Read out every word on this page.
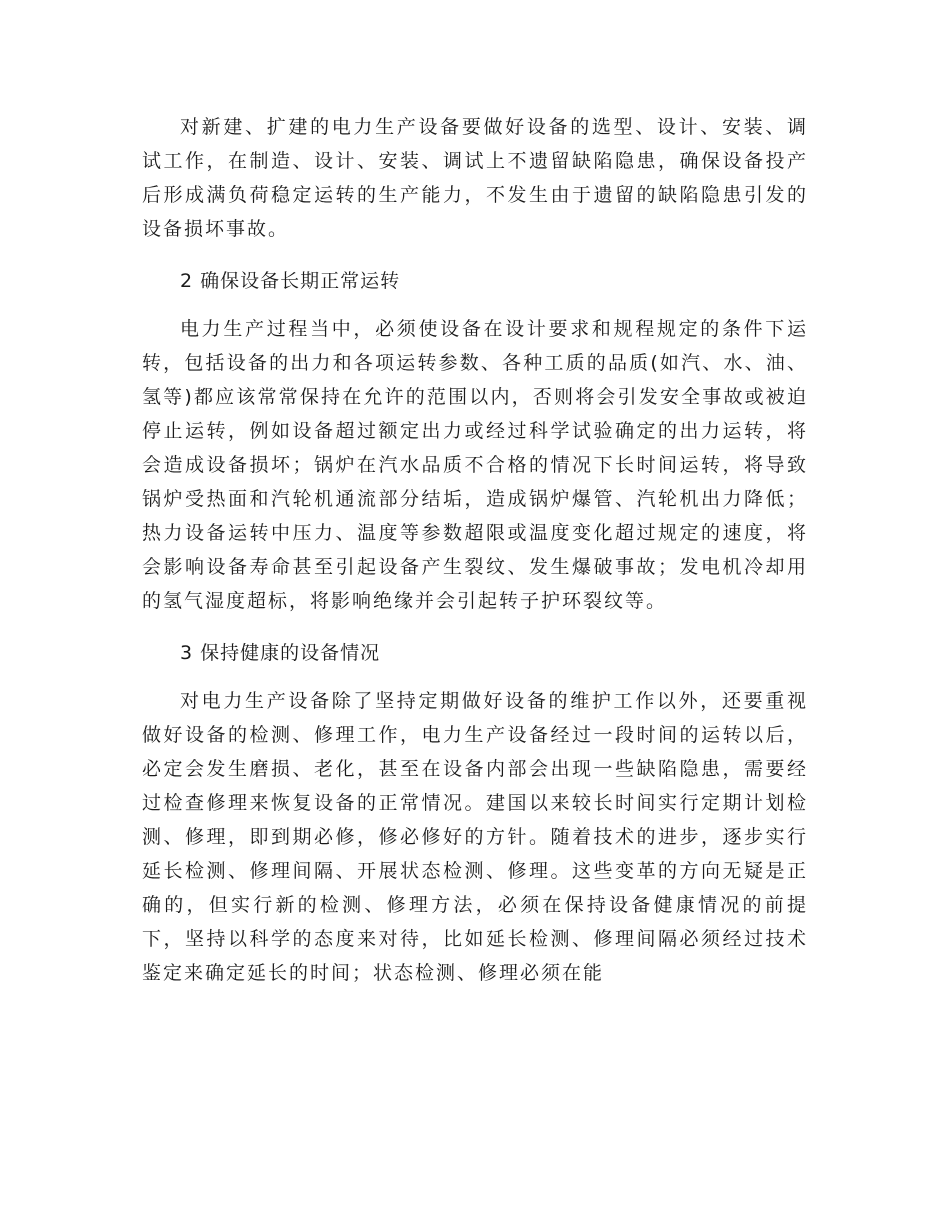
对新建、扩建的电力生产设备要做好设备的选型、设计、安装、调试工作，在制造、设计、安装、调试上不遗留缺陷隐患，确保设备投产后形成满负荷稳定运转的生产能力，不发生由于遗留的缺陷隐患引发的设备损坏事故。

2 确保设备长期正常运转

电力生产过程当中，必须使设备在设计要求和规程规定的条件下运转，包括设备的出力和各项运转参数、各种工质的品质(如汽、水、油、氢等)都应该常常保持在允许的范围以内，否则将会引发安全事故或被迫停止运转，例如设备超过额定出力或经过科学试验确定的出力运转，将会造成设备损坏；锅炉在汽水品质不合格的情况下长时间运转，将导致锅炉受热面和汽轮机通流部分结垢，造成锅炉爆管、汽轮机出力降低；热力设备运转中压力、温度等参数超限或温度变化超过规定的速度，将会影响设备寿命甚至引起设备产生裂纹、发生爆破事故；发电机冷却用的氢气湿度超标，将影响绝缘并会引起转子护环裂纹等。

3 保持健康的设备情况

对电力生产设备除了坚持定期做好设备的维护工作以外，还要重视做好设备的检测、修理工作，电力生产设备经过一段时间的运转以后，必定会发生磨损、老化，甚至在设备内部会出现一些缺陷隐患，需要经过检查修理来恢复设备的正常情况。建国以来较长时间实行定期计划检测、修理，即到期必修，修必修好的方针。随着技术的进步，逐步实行延长检测、修理间隔、开展状态检测、修理。这些变革的方向无疑是正确的，但实行新的检测、修理方法，必须在保持设备健康情况的前提下，坚持以科学的态度来对待，比如延长检测、修理间隔必须经过技术鉴定来确定延长的时间；状态检测、修理必须在能
